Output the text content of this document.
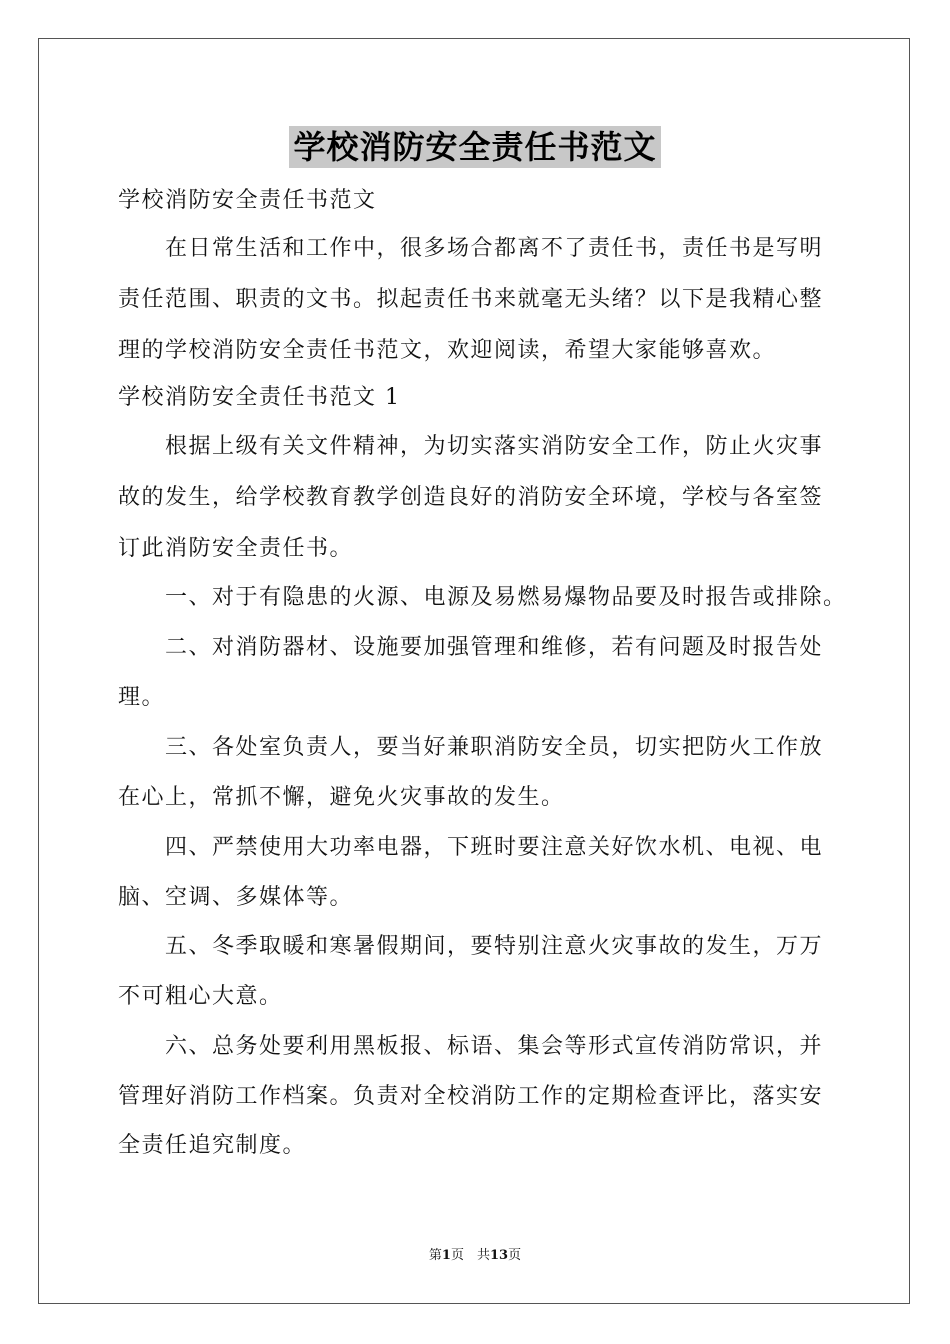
学校消防安全责任书范文
学校消防安全责任书范文
在日常生活和工作中，很多场合都离不了责任书，责任书是写明
责任范围、职责的文书。拟起责任书来就毫无头绪？以下是我精心整
理的学校消防安全责任书范文，欢迎阅读，希望大家能够喜欢。
学校消防安全责任书范文 1
根据上级有关文件精神，为切实落实消防安全工作，防止火灾事
故的发生，给学校教育教学创造良好的消防安全环境，学校与各室签
订此消防安全责任书。
一、对于有隐患的火源、电源及易燃易爆物品要及时报告或排除。
二、对消防器材、设施要加强管理和维修，若有问题及时报告处
理。
三、各处室负责人，要当好兼职消防安全员，切实把防火工作放
在心上，常抓不懈，避免火灾事故的发生。
四、严禁使用大功率电器，下班时要注意关好饮水机、电视、电
脑、空调、多媒体等。
五、冬季取暖和寒暑假期间，要特别注意火灾事故的发生，万万
不可粗心大意。
六、总务处要利用黑板报、标语、集会等形式宣传消防常识，并
管理好消防工作档案。负责对全校消防工作的定期检查评比，落实安
全责任追究制度。
第1页　共13页
